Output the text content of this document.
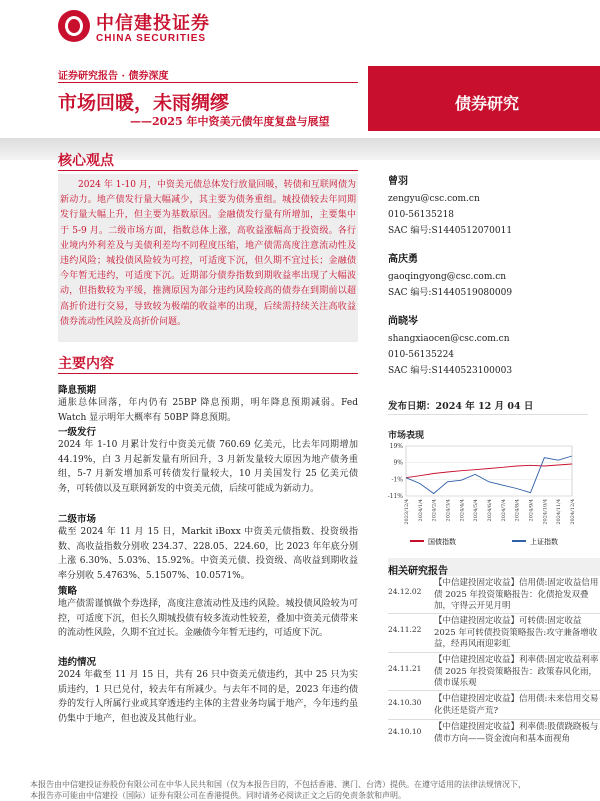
中信建投证券
CHINA SECURITIES
证券研究报告 · 债券深度
市场回暖，未雨绸缪
——2025 年中资美元债年度复盘与展望
债券研究
核心观点
2024 年 1-10 月，中资美元债总体发行放量回暖，转债和互联网债为新动力。地产债发行量大幅减少，其主要为债务重组。城投债较去年同期发行量大幅上升，但主要为基数原因。金融债发行量有所增加，主要集中于 5-9 月。二级市场方面，指数总体上涨，高收益涨幅高于投资级。各行业境内外利差及与美债利差均不同程度压缩，地产债需高度注意流动性及违约风险；城投债风险较为可控，可适度下沉，但久期不宜过长；金融债今年暂无违约，可适度下沉。近期部分债券指数到期收益率出现了大幅波动，但指数较为平缓，推测原因为部分违约风险较高的债券在到期前以超高折价进行交易，导致较为极端的收益率的出现，后续需持续关注高收益债券流动性风险及高折价问题。
主要内容
降息预期
通胀总体回落，年内仍有 25BP 降息预期，明年降息预期减弱。Fed Watch 显示明年大概率有 50BP 降息预期。
一级发行
2024 年 1-10 月累计发行中资美元债 760.69 亿美元，比去年同期增加 44.19%，白 3 月起新发量有所回升，3 月新发量较大原因为地产债务重组，5-7 月新发增加系可转债发行量较大，10 月美国发行 25 亿美元债务，可转债以及互联网新发的中资美元债，后续可能成为新动力。
二级市场
截至 2024 年 11 月 15 日，Markit iBoxx 中资美元债指数、投资级指数、高收益指数分别收 234.37、228.05、224.60，比 2023 年年底分别上涨 6.30%、5.03%、15.92%。中资美元债、投资级、高收益到期收益率分别收 5.4763%、5.1507%、10.0571%。
策略
地产债需谨慎做个券选择，高度注意流动性及违约风险。城投债风险较为可控，可适度下沉，但长久期城投债有较多流动性较差，叠加中资美元债带来的流动性风险，久期不宜过长。金融债今年暂无违约，可适度下沉。
违约情况
2024 年截至 11 月 15 日，共有 26 只中资美元债违约，其中 25 只为实质违约，1 只已兑付，较去年有所减少。与去年不同的是，2023 年违约债券的发行人所属行业或其穿透违约主体的主营业务均属于地产，今年违约虽仍集中于地产，但也波及其他行业。
曾羽
zengyu@csc.com.cn
010-56135218
SAC 编号:S1440512070011
高庆勇
gaoqingyong@csc.com.cn
SAC 编号:S1440519080009
尚晓岑
shangxiaocen@csc.com.cn
010-56135224
SAC 编号:S1440523100003
发布日期：2024 年 12 月 04 日
市场表现
19%
9%
-1%
-11%
2023/12/4 2024/1/4 2024/2/4 2024/3/4 2024/4/4 2024/5/4 2024/6/4 2024/7/4 2024/8/4 2024/9/4 2024/10/4 2024/11/4 2024/12/4
国债指数	上证指数
相关研究报告
24.12.02
【中信建投固定收益】信用债:固定收益信用债 2025 年投资策略报告：化债抢发双叠加，守得云开见月明
24.11.22
【中信建投固定收益】可转债:固定收益2025 年可转债投资策略报告:攻守兼备增收益，经再风雨迎彩虹
24.11.21
【中信建投固定收益】利率债:固定收益利率债 2025 年投资策略报告：政策春风化雨，债市谋乐观
24.10.30	【中信建投固定收益】信用债:未来信用交易化供还是资产荒?
24.10.10	【中信建投固定收益】利率债:股债跷跷板与债市方向——资金流向和基本面视角
本报告由中信建投证券股份有限公司在中华人民共和国（仅为本报告目的，不包括香港、澳门、台湾）提供。在遵守适用的法律法规情况下，
本报告亦可能由中信建投（国际）证券有限公司在香港提供。同时请务必阅读正文之后的免责条款和声明。
